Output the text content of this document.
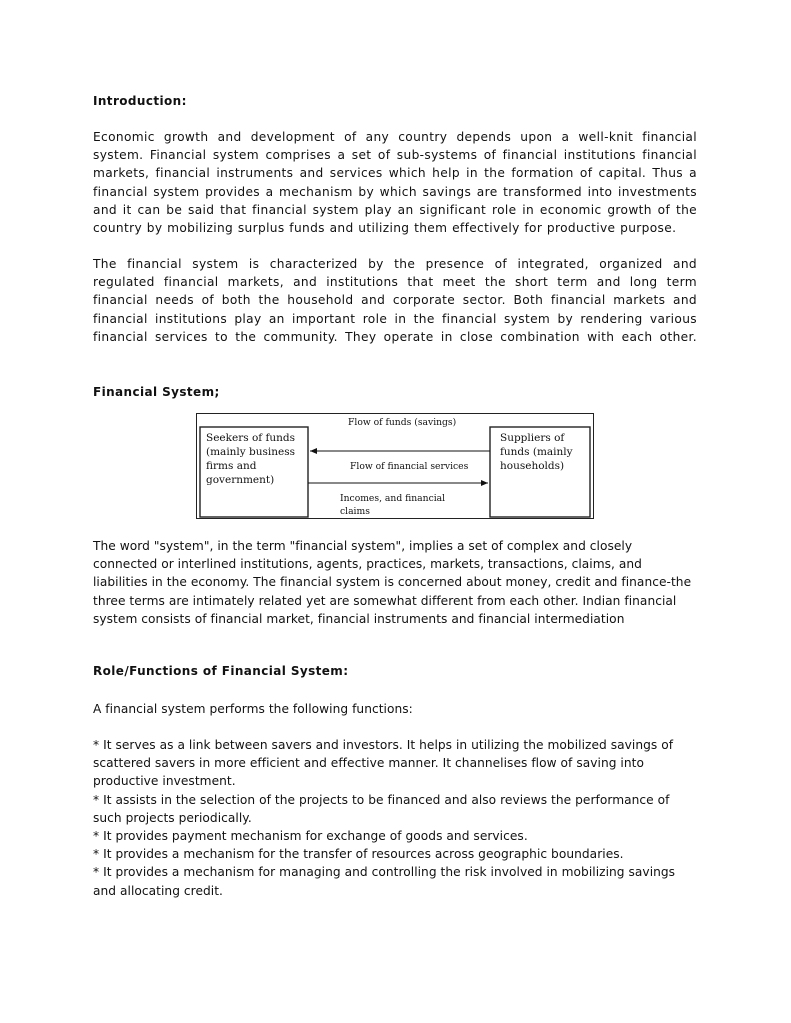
Introduction:
Economic growth and development of any country depends upon a well-knit financial system. Financial system comprises a set of sub-systems of financial institutions financial markets, financial instruments and services which help in the formation of capital. Thus a financial system provides a mechanism by which savings are transformed into investments and it can be said that financial system play an significant role in economic growth of the country by mobilizing surplus funds and utilizing them effectively for productive purpose.
The financial system is characterized by the presence of integrated, organized and regulated financial markets, and institutions that meet the short term and long term financial needs of both the household and corporate sector. Both financial markets and financial institutions play an important role in the financial system by rendering various financial services to the community. They operate in close combination with each other.
Financial System;
The word "system", in the term "financial system", implies a set of complex and closely connected or interlined institutions, agents, practices, markets, transactions, claims, and liabilities in the economy. The financial system is concerned about money, credit and finance-the three terms are intimately related yet are somewhat different from each other. Indian financial system consists of financial market, financial instruments and financial intermediation
Role/Functions of Financial System:
A financial system performs the following functions:
* It serves as a link between savers and investors. It helps in utilizing the mobilized savings of scattered savers in more efficient and effective manner. It channelises flow of saving into productive investment.
* It assists in the selection of the projects to be financed and also reviews the performance of such projects periodically.
* It provides payment mechanism for exchange of goods and services.
* It provides a mechanism for the transfer of resources across geographic boundaries.
* It provides a mechanism for managing and controlling the risk involved in mobilizing savings and allocating credit.
Seekers of funds
(mainly business
firms and
government)
Suppliers of
funds (mainly
households)
Flow of funds (savings)
Flow of financial services
Incomes, and financial
claims
